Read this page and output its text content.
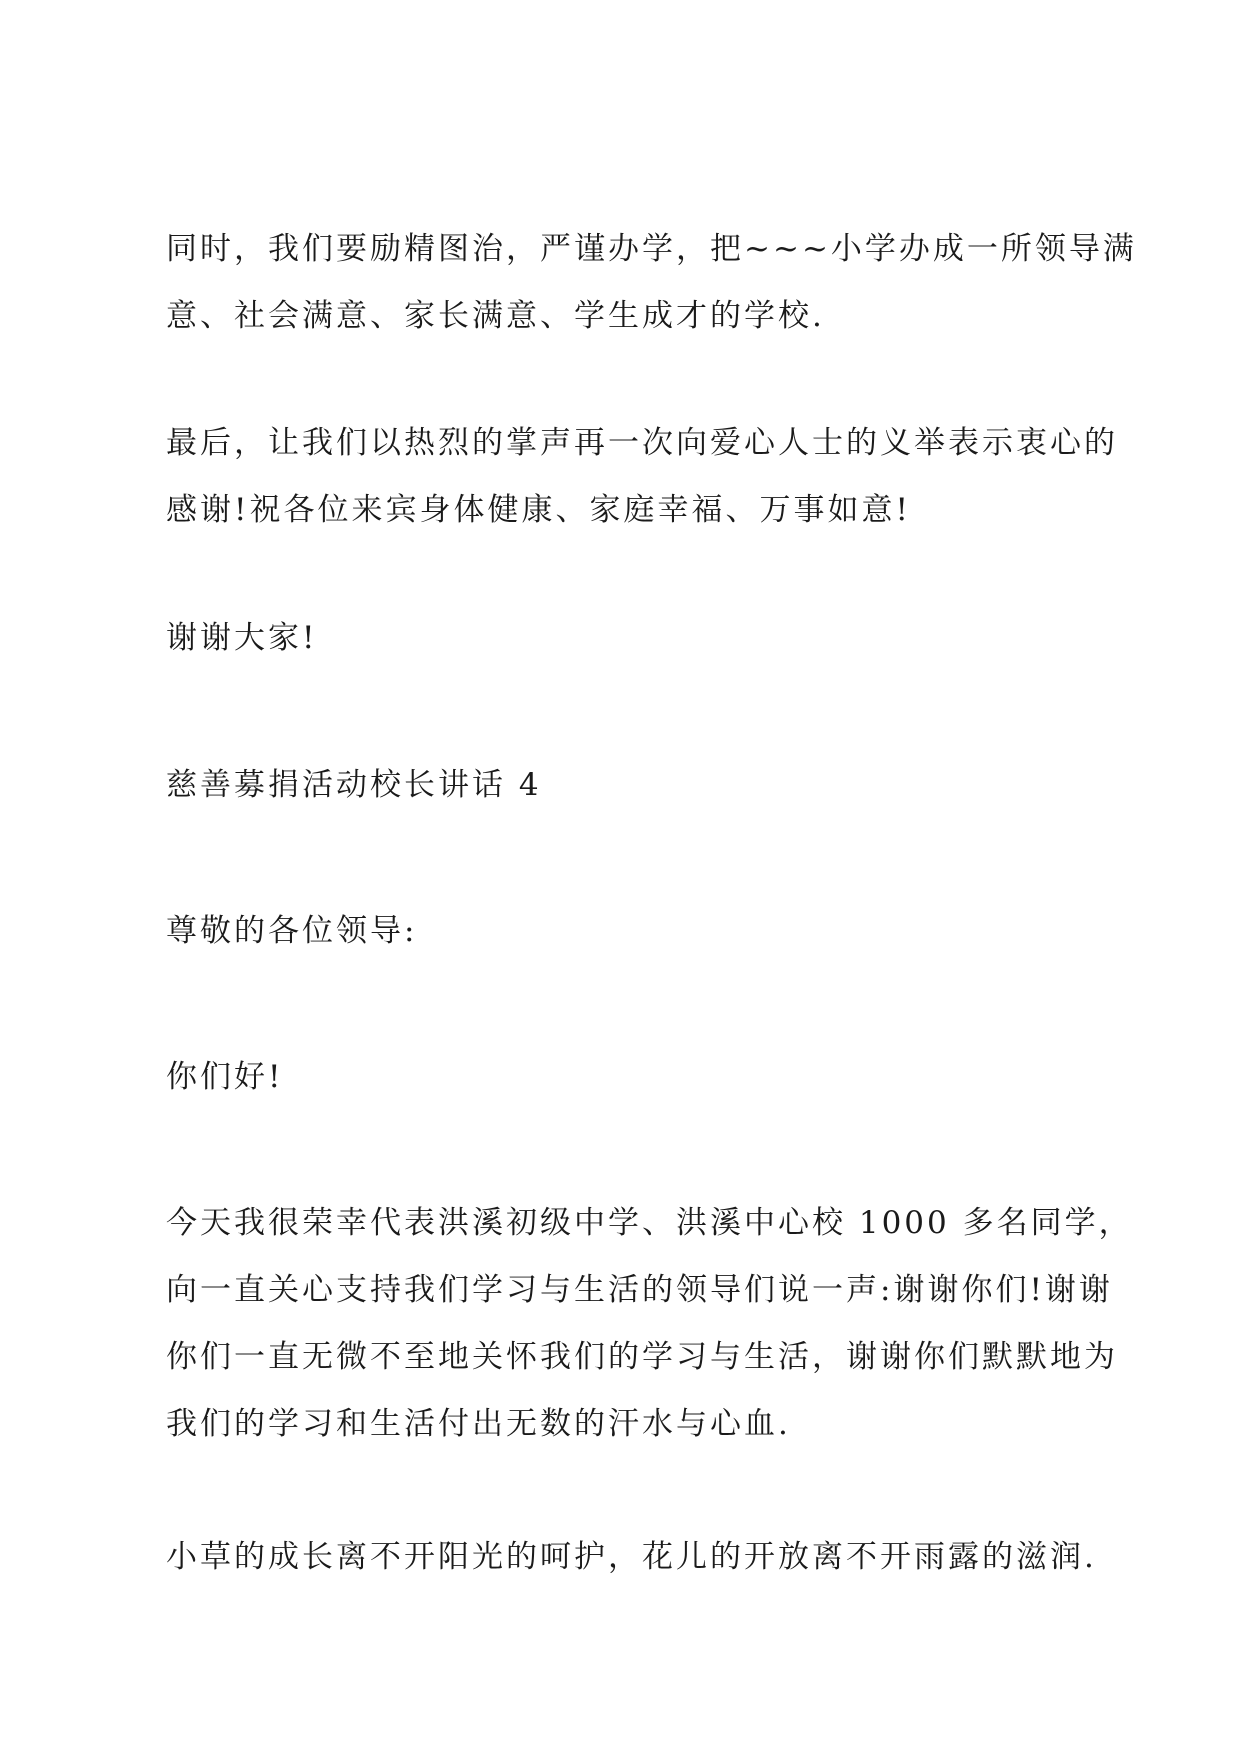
同时，我们要励精图治，严谨办学，把~~~小学办成一所领导满
意、社会满意、家长满意、学生成才的学校.

最后，让我们以热烈的掌声再一次向爱心人士的义举表示衷心的
感谢!祝各位来宾身体健康、家庭幸福、万事如意!

谢谢大家!

慈善募捐活动校长讲话 4

尊敬的各位领导:

你们好!

今天我很荣幸代表洪溪初级中学、洪溪中心校 1000 多名同学，
向一直关心支持我们学习与生活的领导们说一声:谢谢你们!谢谢
你们一直无微不至地关怀我们的学习与生活，谢谢你们默默地为
我们的学习和生活付出无数的汗水与心血.

小草的成长离不开阳光的呵护，花儿的开放离不开雨露的滋润.
